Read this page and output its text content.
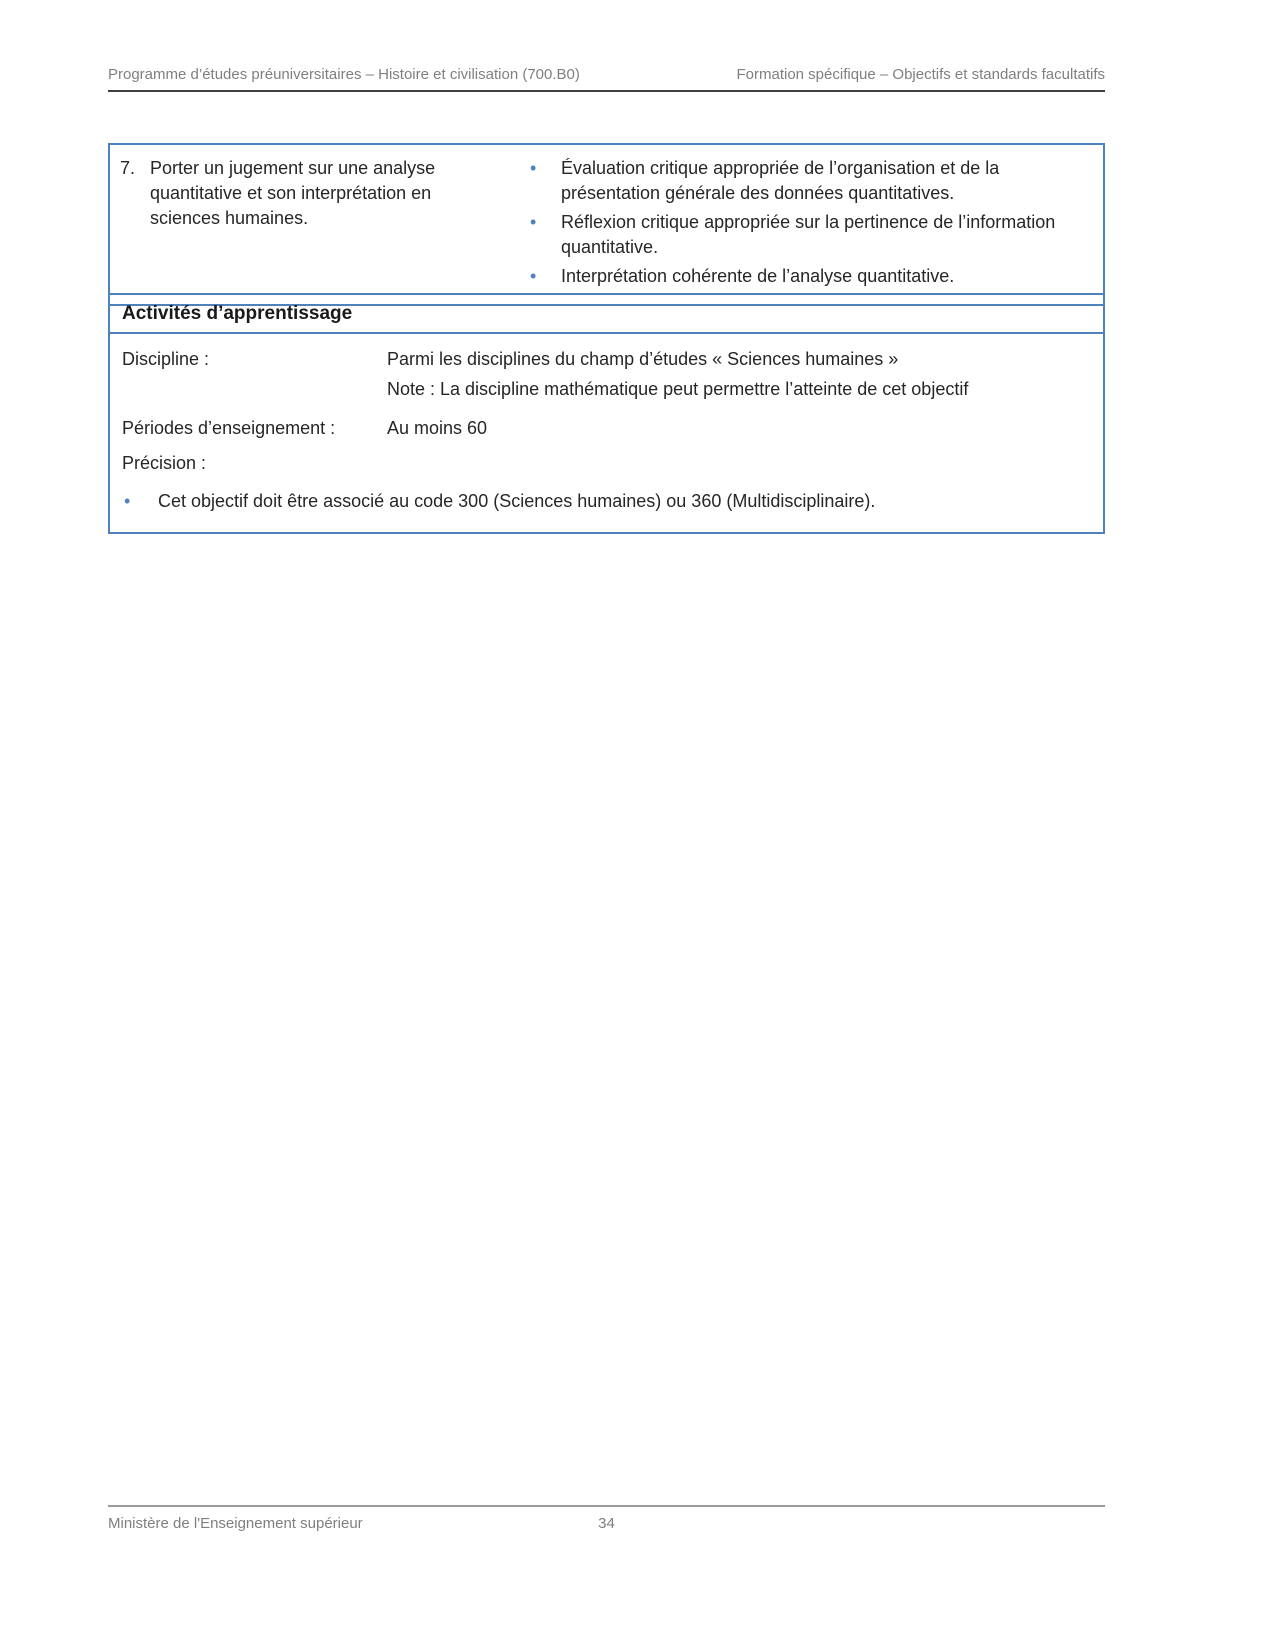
Programme d’études préuniversitaires – Histoire et civilisation (700.B0)	Formation spécifique – Objectifs et standards facultatifs
7. Porter un jugement sur une analyse quantitative et son interprétation en sciences humaines.
•	Évaluation critique appropriée de l’organisation et de la présentation générale des données quantitatives.
•	Réflexion critique appropriée sur la pertinence de l’information quantitative.
•	Interprétation cohérente de l’analyse quantitative.
Activités d’apprentissage
Discipline :	Parmi les disciplines du champ d’études « Sciences humaines »
Note : La discipline mathématique peut permettre l’atteinte de cet objectif
Périodes d’enseignement :	Au moins 60
Précision :
•	Cet objectif doit être associé au code 300 (Sciences humaines) ou 360 (Multidisciplinaire).
Ministère de l'Enseignement supérieur	34
